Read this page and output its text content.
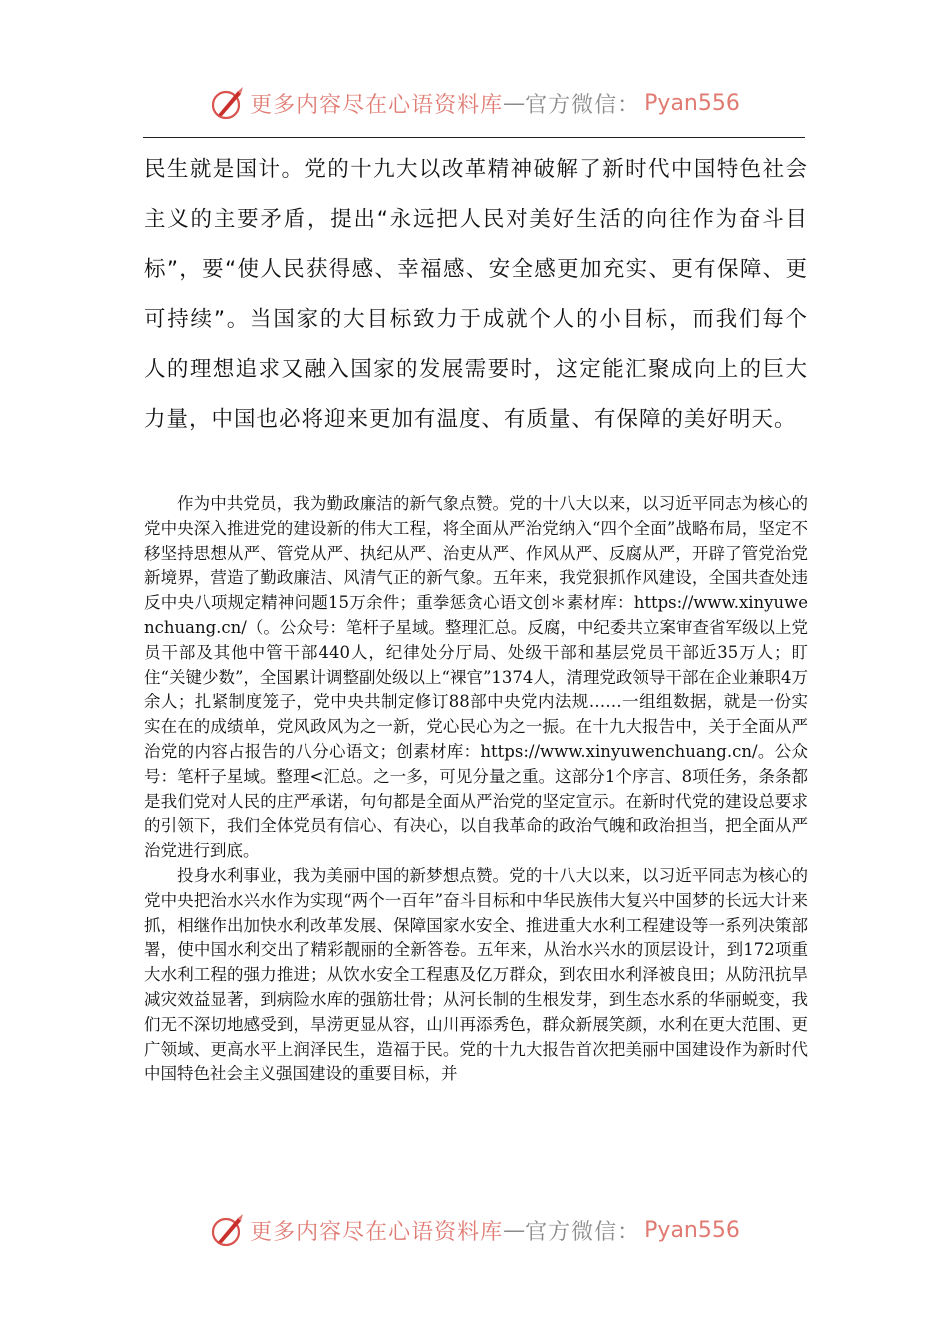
更多内容尽在心语资料库 — 官方微信： Pyan556

民生就是国计。党的十九大以改革精神破解了新时代中国特色社会主义的主要矛盾，提出“永远把人民对美好生活的向往作为奋斗目标”，要“使人民获得感、幸福感、安全感更加充实、更有保障、更可持续”。当国家的大目标致力于成就个人的小目标，而我们每个人的理想追求又融入国家的发展需要时，这定能汇聚成向上的巨大力量，中国也必将迎来更加有温度、有质量、有保障的美好明天。

作为中共党员，我为勤政廉洁的新气象点赞。党的十八大以来，以习近平同志为核心的党中央深入推进党的建设新的伟大工程，将全面从严治党纳入“四个全面”战略布局，坚定不移坚持思想从严、管党从严、执纪从严、治吏从严、作风从严、反腐从严，开辟了管党治党新境界，营造了勤政廉洁、风清气正的新气象。五年来，我党狠抓作风建设，全国共查处违反中央八项规定精神问题15万余件；重拳惩贪心语文创＊素材库：https://www.xinyuwenchuang.cn/（。公众号：笔杆子星域。整理汇总。反腐，中纪委共立案审查省军级以上党员干部及其他中管干部440人，纪律处分厅局、处级干部和基层党员干部近35万人；盯住“关键少数”，全国累计调整副处级以上“裸官”1374人，清理党政领导干部在企业兼职4万余人；扎紧制度笼子，党中央共制定修订88部中央党内法规……一组组数据，就是一份实实在在的成绩单，党风政风为之一新，党心民心为之一振。在十九大报告中，关于全面从严治党的内容占报告的八分心语文；创素材库：https://www.xinyuwenchuang.cn/。公众号：笔杆子星域。整理<汇总。之一多，可见分量之重。这部分1个序言、8项任务，条条都是我们党对人民的庄严承诺，句句都是全面从严治党的坚定宣示。在新时代党的建设总要求的引领下，我们全体党员有信心、有决心，以自我革命的政治气魄和政治担当，把全面从严治党进行到底。

投身水利事业，我为美丽中国的新梦想点赞。党的十八大以来，以习近平同志为核心的党中央把治水兴水作为实现“两个一百年”奋斗目标和中华民族伟大复兴中国梦的长远大计来抓，相继作出加快水利改革发展、保障国家水安全、推进重大水利工程建设等一系列决策部署，使中国水利交出了精彩靓丽的全新答卷。五年来，从治水兴水的顶层设计，到172项重大水利工程的强力推进；从饮水安全工程惠及亿万群众，到农田水利泽被良田；从防汛抗旱减灾效益显著，到病险水库的强筋壮骨；从河长制的生根发芽，到生态水系的华丽蜕变，我们无不深切地感受到，旱涝更显从容，山川再添秀色，群众新展笑颜，水利在更大范围、更广领域、更高水平上润泽民生，造福于民。党的十九大报告首次把美丽中国建设作为新时代中国特色社会主义强国建设的重要目标，并

更多内容尽在心语资料库 — 官方微信： Pyan556
